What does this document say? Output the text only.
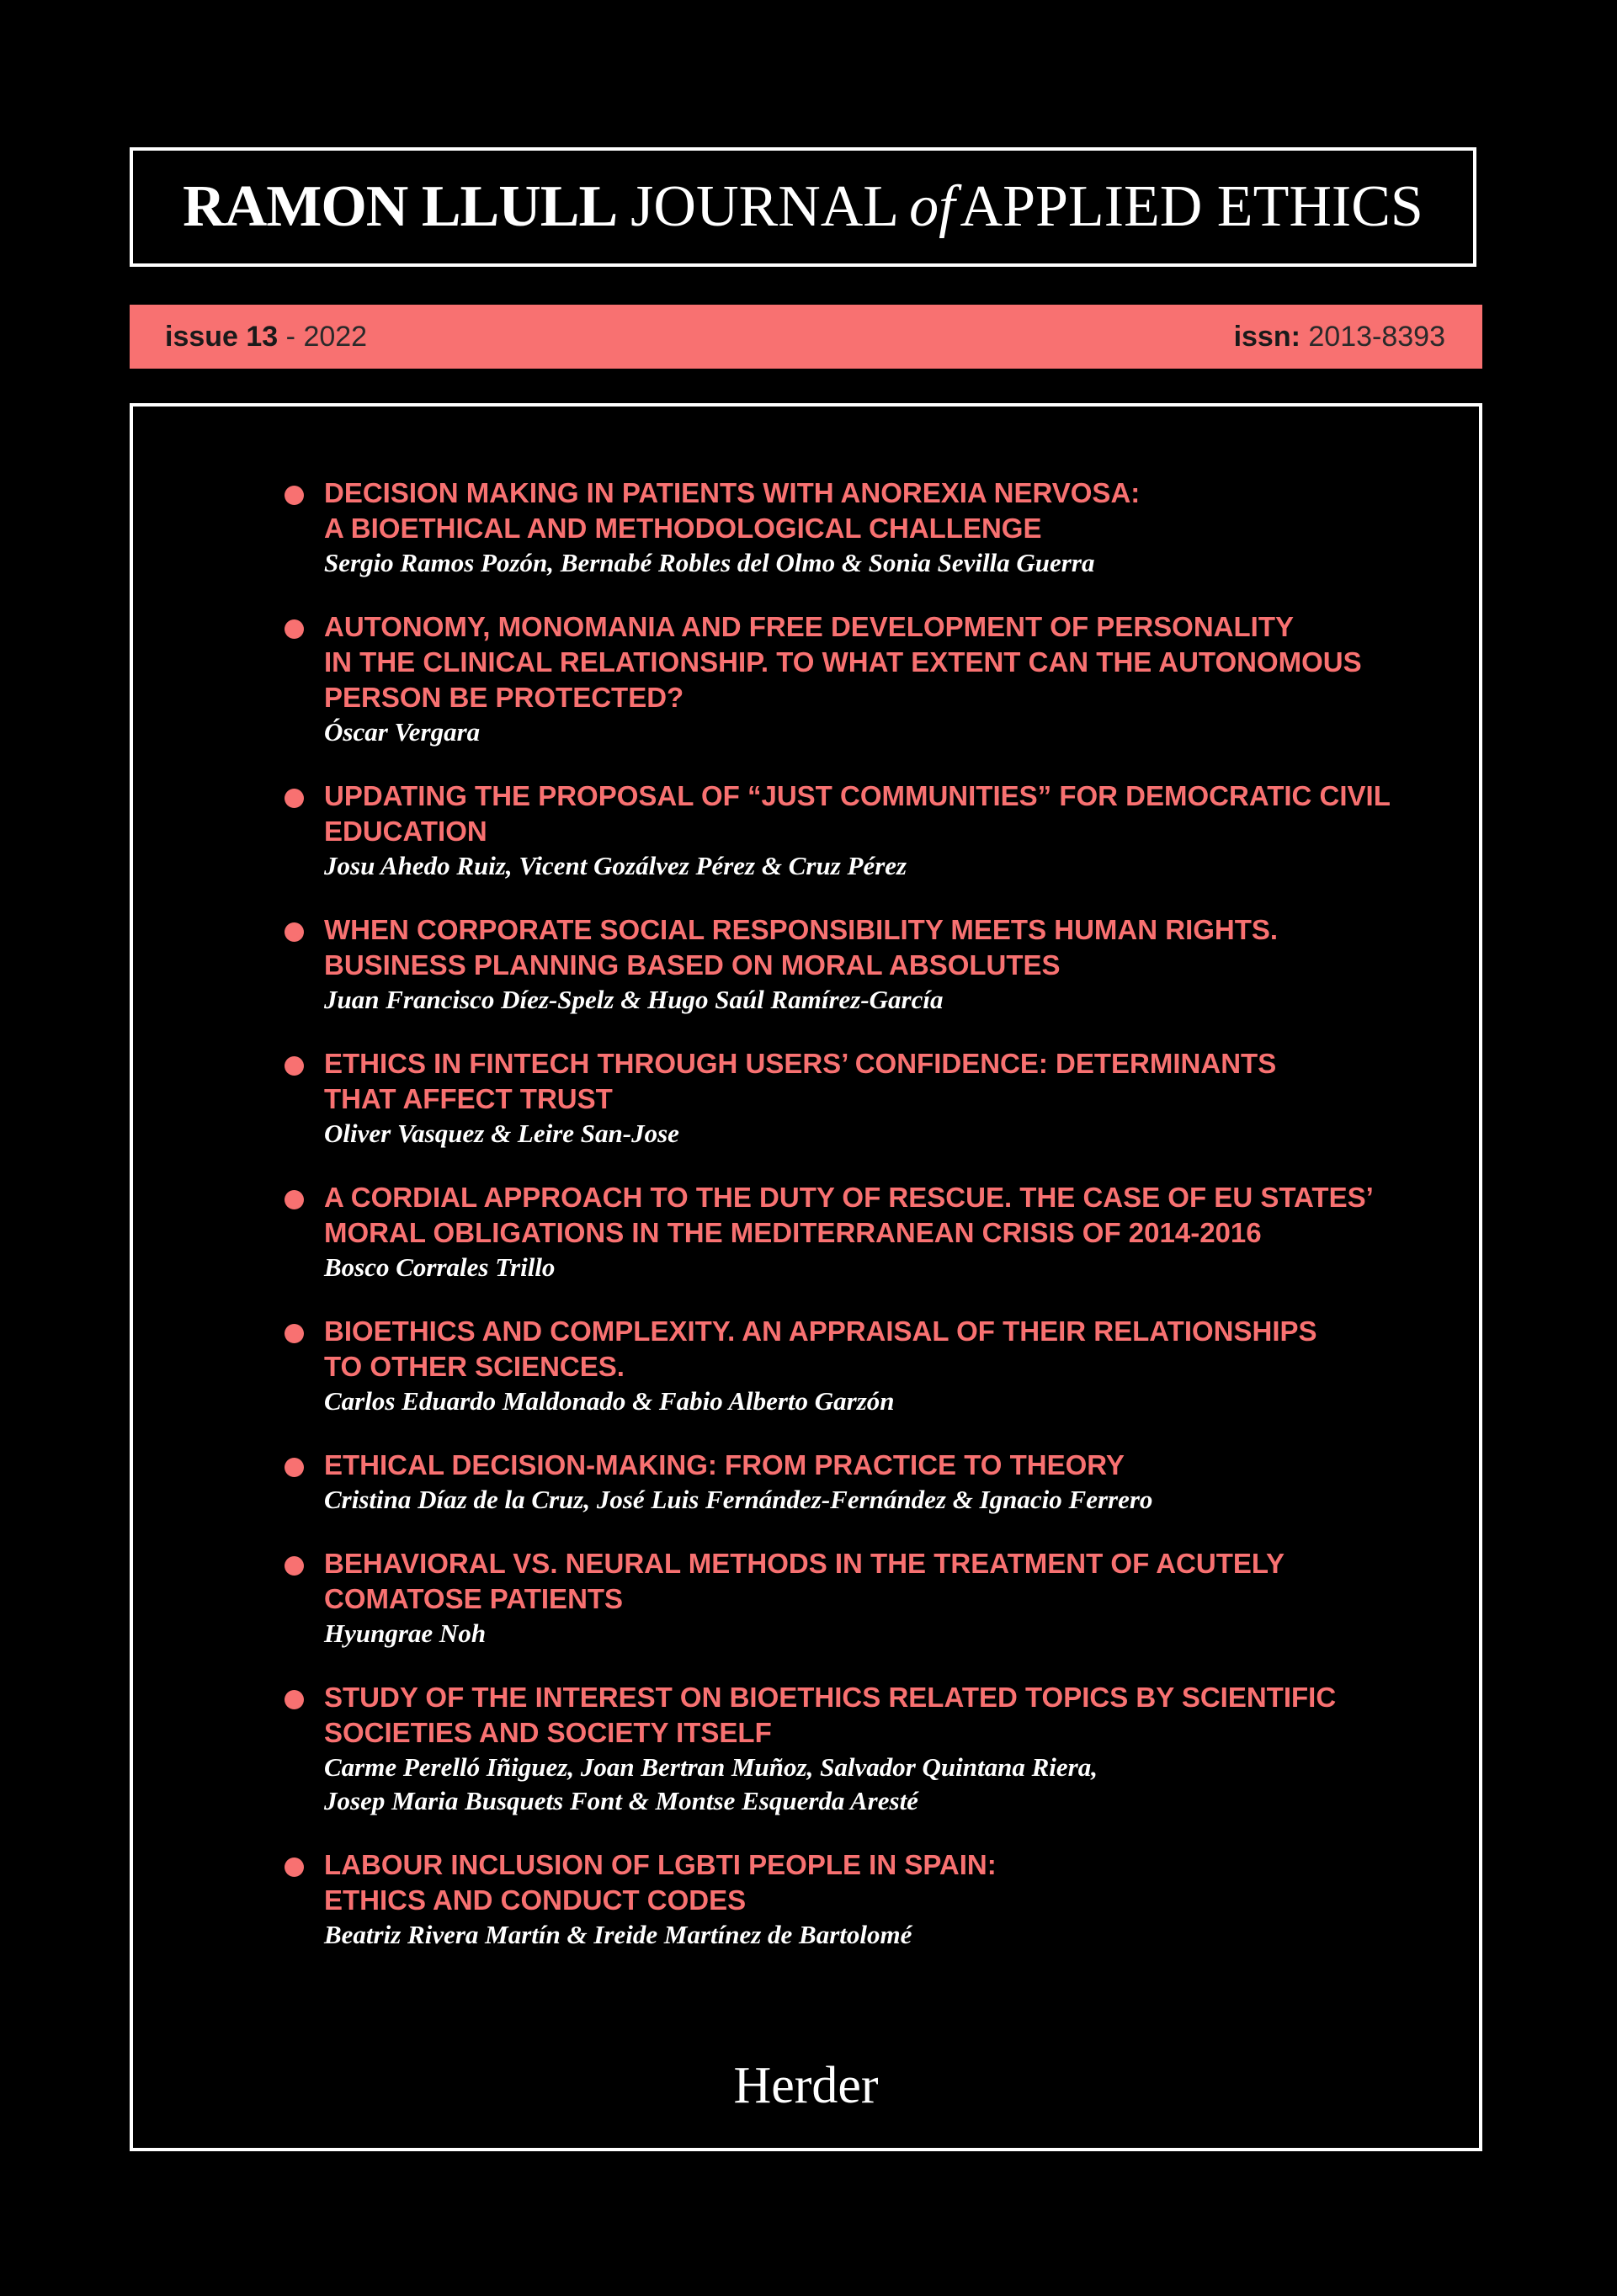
RAMON LLULL JOURNAL of APPLIED ETHICS
issue 13 - 2022	issn: 2013-8393
DECISION MAKING IN PATIENTS WITH ANOREXIA NERVOSA:
A BIOETHICAL AND METHODOLOGICAL CHALLENGE
Sergio Ramos Pozón, Bernabé Robles del Olmo & Sonia Sevilla Guerra
AUTONOMY, MONOMANIA AND FREE DEVELOPMENT OF PERSONALITY
IN THE CLINICAL RELATIONSHIP. TO WHAT EXTENT CAN THE AUTONOMOUS
PERSON BE PROTECTED?
Óscar Vergara
UPDATING THE PROPOSAL OF “JUST COMMUNITIES” FOR DEMOCRATIC CIVIL
EDUCATION
Josu Ahedo Ruiz, Vicent Gozálvez Pérez & Cruz Pérez
WHEN CORPORATE SOCIAL RESPONSIBILITY MEETS HUMAN RIGHTS.
BUSINESS PLANNING BASED ON MORAL ABSOLUTES
Juan Francisco Díez-Spelz & Hugo Saúl Ramírez-García
ETHICS IN FINTECH THROUGH USERS’ CONFIDENCE: DETERMINANTS
THAT AFFECT TRUST
Oliver Vasquez & Leire San-Jose
A CORDIAL APPROACH TO THE DUTY OF RESCUE. THE CASE OF EU STATES’
MORAL OBLIGATIONS IN THE MEDITERRANEAN CRISIS OF 2014-2016
Bosco Corrales Trillo
BIOETHICS AND COMPLEXITY. AN APPRAISAL OF THEIR RELATIONSHIPS
TO OTHER SCIENCES.
Carlos Eduardo Maldonado & Fabio Alberto Garzón
ETHICAL DECISION-MAKING: FROM PRACTICE TO THEORY
Cristina Díaz de la Cruz, José Luis Fernández-Fernández & Ignacio Ferrero
BEHAVIORAL VS. NEURAL METHODS IN THE TREATMENT OF ACUTELY
COMATOSE PATIENTS
Hyungrae Noh
STUDY OF THE INTEREST ON BIOETHICS RELATED TOPICS BY SCIENTIFIC
SOCIETIES AND SOCIETY ITSELF
Carme Perelló Iñiguez, Joan Bertran Muñoz, Salvador Quintana Riera,
Josep Maria Busquets Font & Montse Esquerda Aresté
LABOUR INCLUSION OF LGBTI PEOPLE IN SPAIN:
ETHICS AND CONDUCT CODES
Beatriz Rivera Martín & Ireide Martínez de Bartolomé
Herder
